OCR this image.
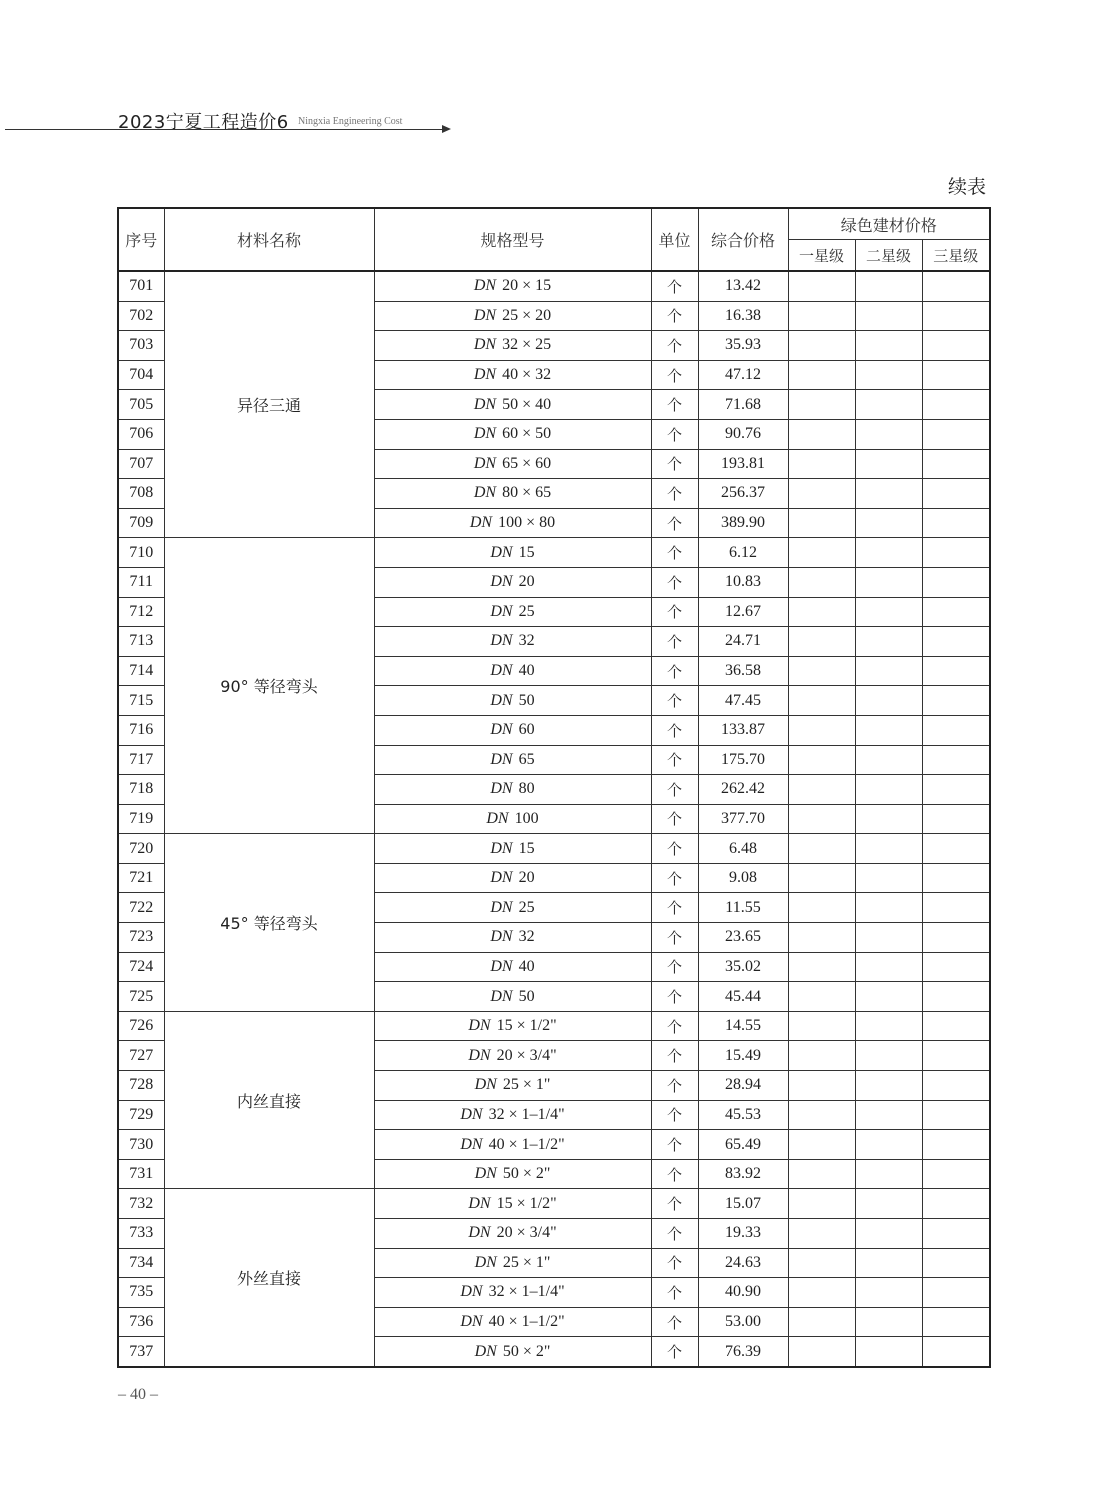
2023宁夏工程造价6 Ningxia Engineering Cost
续表
序号	材料名称	规格型号	单位	综合价格	绿色建材价格		
					一星级	二星级	三星级
701	异径三通	DN 20 × 15	个	13.42			
702		DN 25 × 20	个	16.38			
703		DN 32 × 25	个	35.93			
704		DN 40 × 32	个	47.12			
705		DN 50 × 40	个	71.68			
706		DN 60 × 50	个	90.76			
707		DN 65 × 60	个	193.81			
708		DN 80 × 65	个	256.37			
709		DN 100 × 80	个	389.90			
710	90° 等径弯头	DN 15	个	6.12			
711		DN 20	个	10.83			
712		DN 25	个	12.67			
713		DN 32	个	24.71			
714		DN 40	个	36.58			
715		DN 50	个	47.45			
716		DN 60	个	133.87			
717		DN 65	个	175.70			
718		DN 80	个	262.42			
719		DN 100	个	377.70			
720	45° 等径弯头	DN 15	个	6.48			
721		DN 20	个	9.08			
722		DN 25	个	11.55			
723		DN 32	个	23.65			
724		DN 40	个	35.02			
725		DN 50	个	45.44			
726	内丝直接	DN 15 × 1/2"	个	14.55			
727		DN 20 × 3/4"	个	15.49			
728		DN 25 × 1"	个	28.94			
729		DN 32 × 1–1/4"	个	45.53			
730		DN 40 × 1–1/2"	个	65.49			
731		DN 50 × 2"	个	83.92			
732	外丝直接	DN 15 × 1/2"	个	15.07			
733		DN 20 × 3/4"	个	19.33			
734		DN 25 × 1"	个	24.63			
735		DN 32 × 1–1/4"	个	40.90			
736		DN 40 × 1–1/2"	个	53.00			
737		DN 50 × 2"	个	76.39			
– 40 –
